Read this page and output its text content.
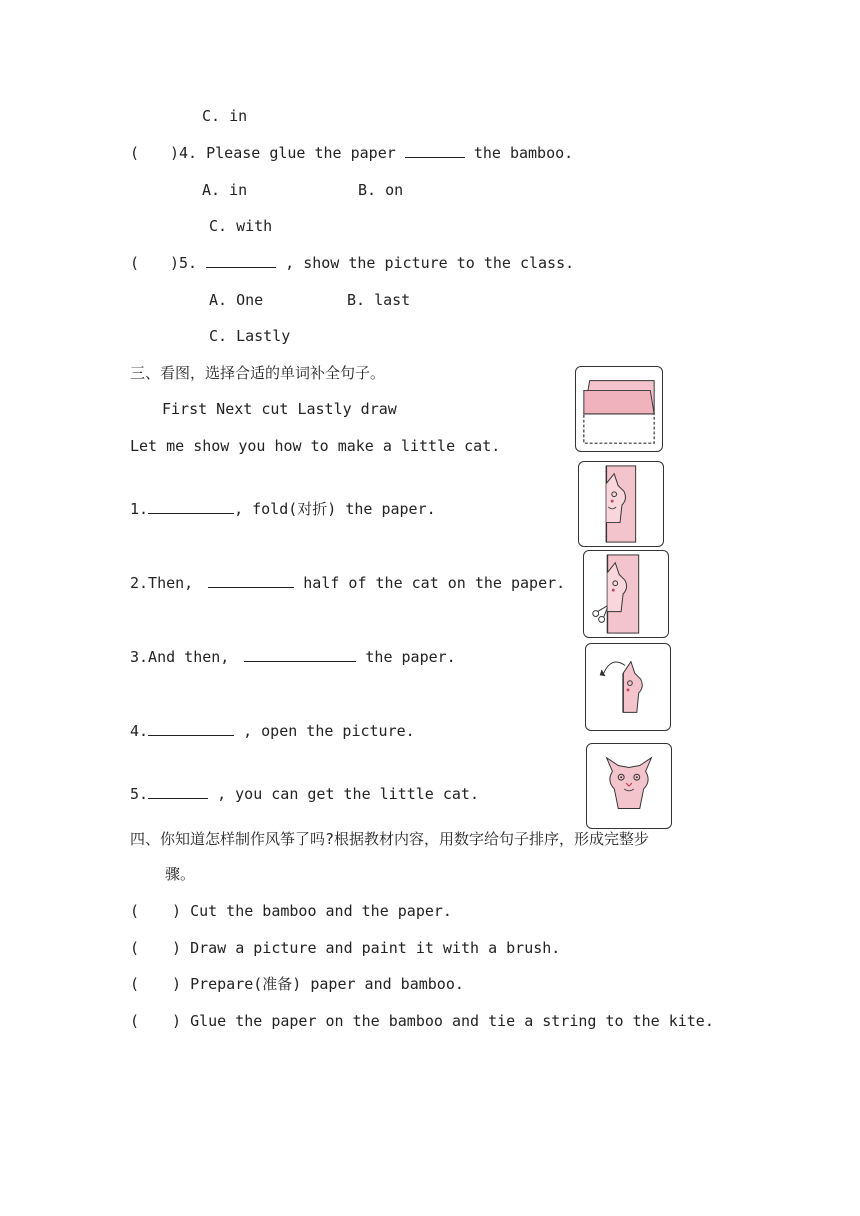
C. in
( )4. Please glue the paper	the bamboo.
A. in	B. on
C. with
( )5.	, show the picture to the class.
A. One	B. last
C. Lastly
三、看图，选择合适的单词补全句子。
First Next cut Lastly draw
Let me show you how to make a little cat.
1.	, fold(对折) the paper.
2.Then,	half of the cat on the paper.
3.And then,	the paper.
4.	, open the picture.
5.	, you can get the little cat.
四、你知道怎样制作风筝了吗?根据教材内容，用数字给句子排序，形成完整步
骤。
( ) Cut the bamboo and the paper.
( ) Draw a picture and paint it with a brush.
( ) Prepare(准备) paper and bamboo.
( ) Glue the paper on the bamboo and tie a string to the kite.
